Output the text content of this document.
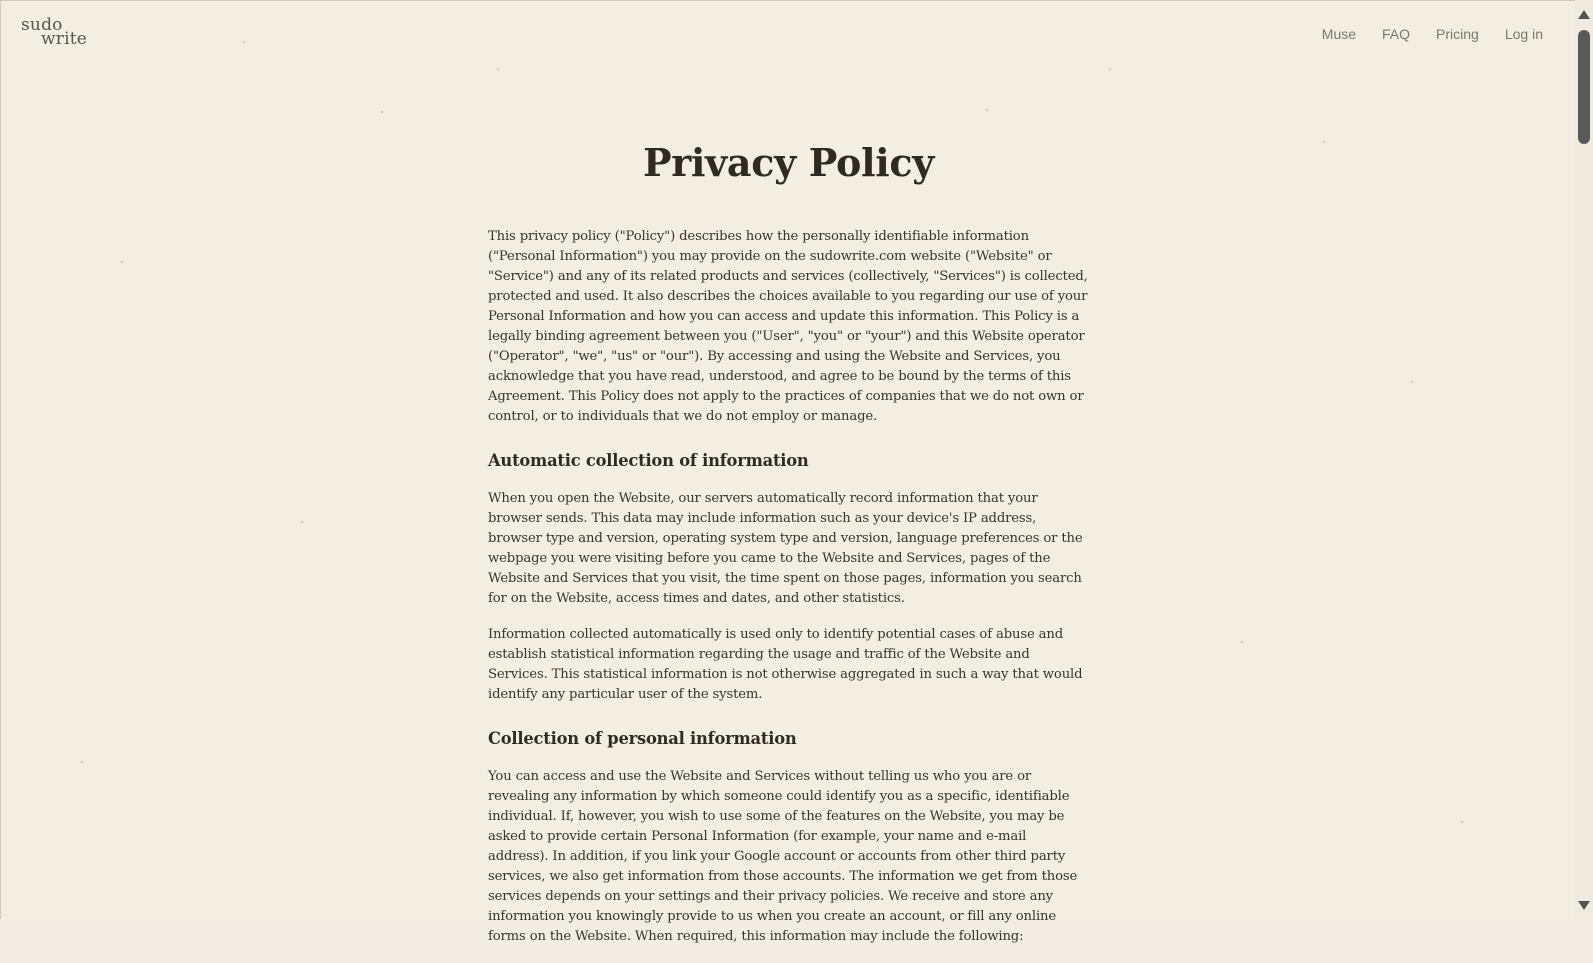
sudo
write	Muse FAQ Pricing Log in
Privacy Policy

This privacy policy ("Policy") describes how the personally identifiable information ("Personal Information") you may provide on the sudowrite.com website ("Website" or "Service") and any of its related products and services (collectively, "Services") is collected, protected and used. It also describes the choices available to you regarding our use of your Personal Information and how you can access and update this information. This Policy is a legally binding agreement between you ("User", "you" or "your") and this Website operator ("Operator", "we", "us" or "our"). By accessing and using the Website and Services, you acknowledge that you have read, understood, and agree to be bound by the terms of this Agreement. This Policy does not apply to the practices of companies that we do not own or control, or to individuals that we do not employ or manage.

Automatic collection of information

When you open the Website, our servers automatically record information that your browser sends. This data may include information such as your device's IP address, browser type and version, operating system type and version, language preferences or the webpage you were visiting before you came to the Website and Services, pages of the Website and Services that you visit, the time spent on those pages, information you search for on the Website, access times and dates, and other statistics.

Information collected automatically is used only to identify potential cases of abuse and establish statistical information regarding the usage and traffic of the Website and Services. This statistical information is not otherwise aggregated in such a way that would identify any particular user of the system.

Collection of personal information

You can access and use the Website and Services without telling us who you are or revealing any information by which someone could identify you as a specific, identifiable individual. If, however, you wish to use some of the features on the Website, you may be asked to provide certain Personal Information (for example, your name and e-mail address). In addition, if you link your Google account or accounts from other third party services, we also get information from those accounts. The information we get from those services depends on your settings and their privacy policies. We receive and store any information you knowingly provide to us when you create an account, or fill any online forms on the Website. When required, this information may include the following:
